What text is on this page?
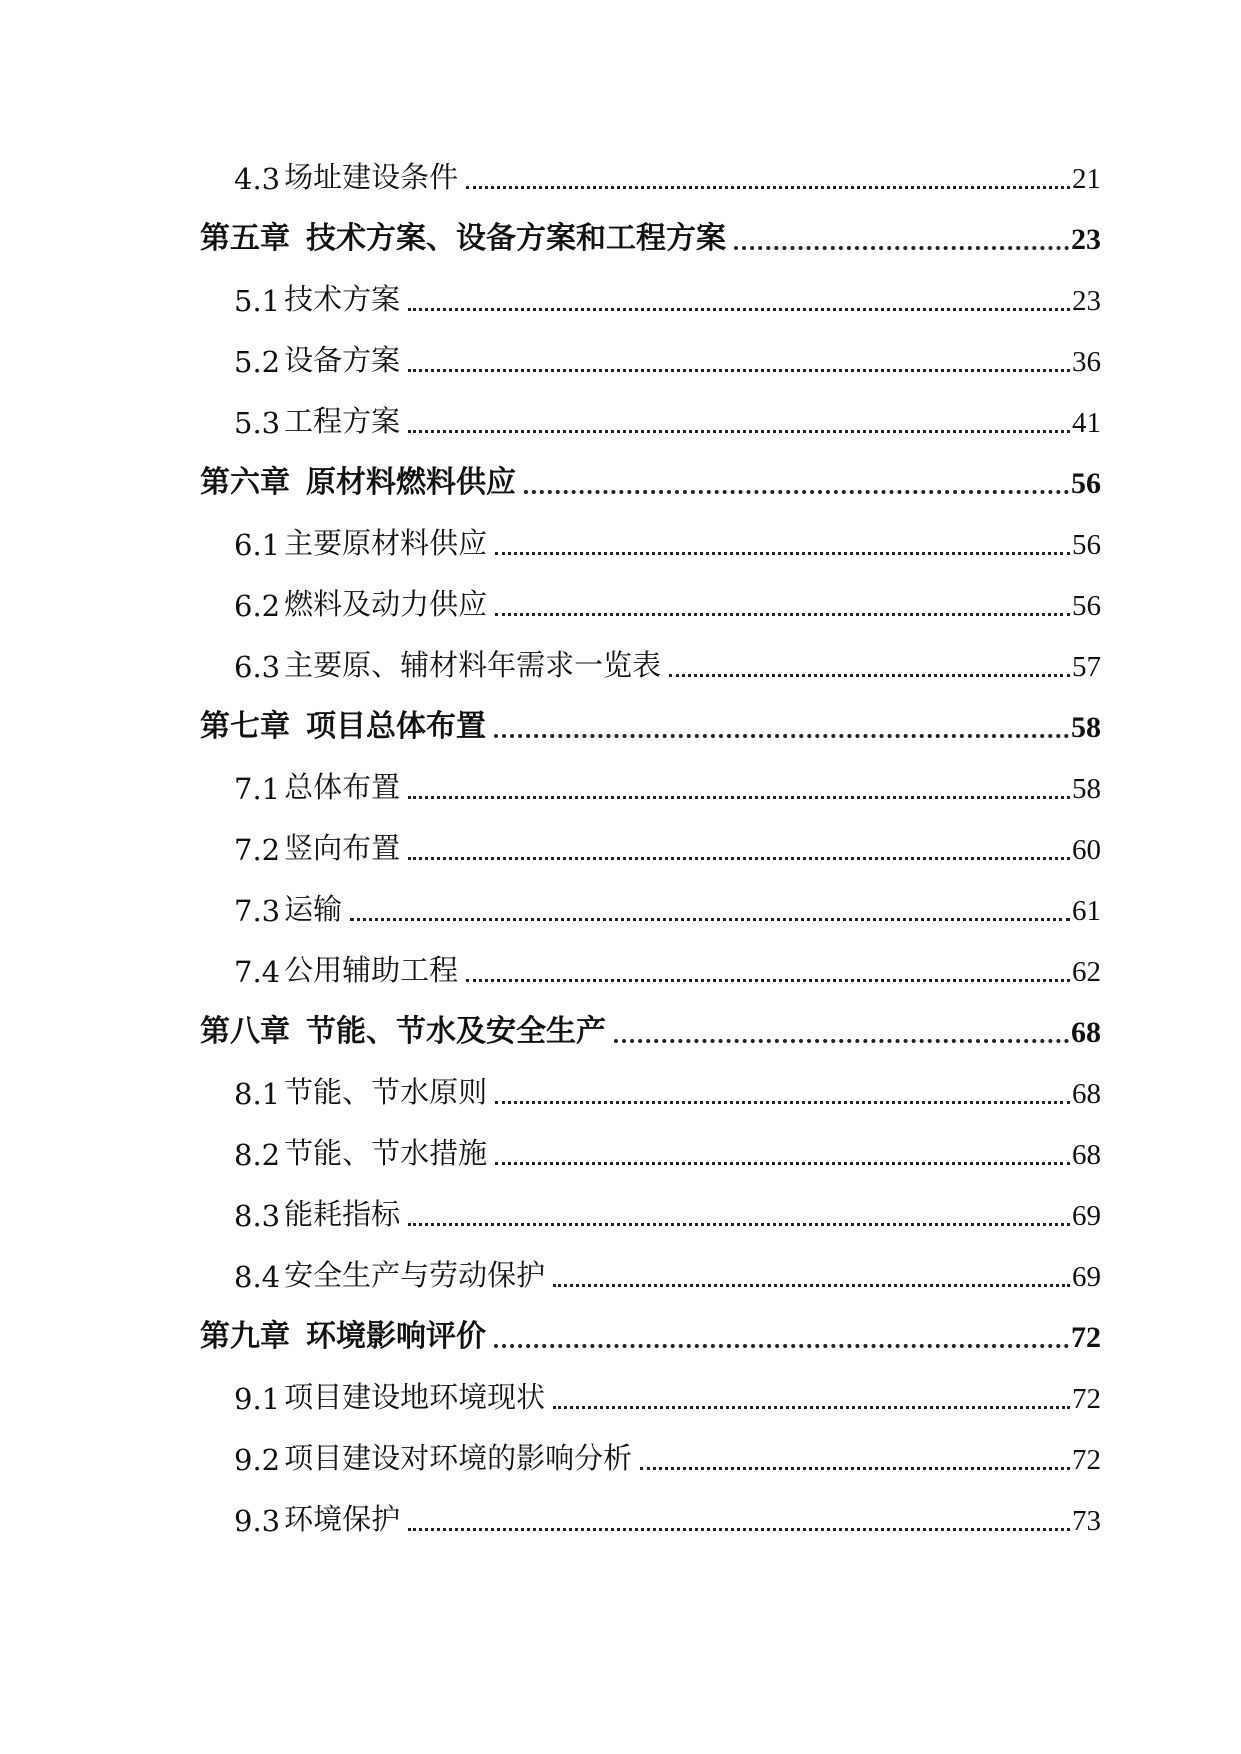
4.3 场址建设条件	21
第五章 技术方案、设备方案和工程方案	23
5.1 技术方案	23
5.2 设备方案	36
5.3 工程方案	41
第六章 原材料燃料供应	56
6.1 主要原材料供应	56
6.2 燃料及动力供应	56
6.3 主要原、辅材料年需求一览表	57
第七章 项目总体布置	58
7.1 总体布置	58
7.2 竖向布置	60
7.3 运输	61
7.4 公用辅助工程	62
第八章 节能、节水及安全生产	68
8.1 节能、节水原则	68
8.2 节能、节水措施	68
8.3 能耗指标	69
8.4 安全生产与劳动保护	69
第九章 环境影响评价	72
9.1 项目建设地环境现状	72
9.2 项目建设对环境的影响分析	72
9.3 环境保护	73
